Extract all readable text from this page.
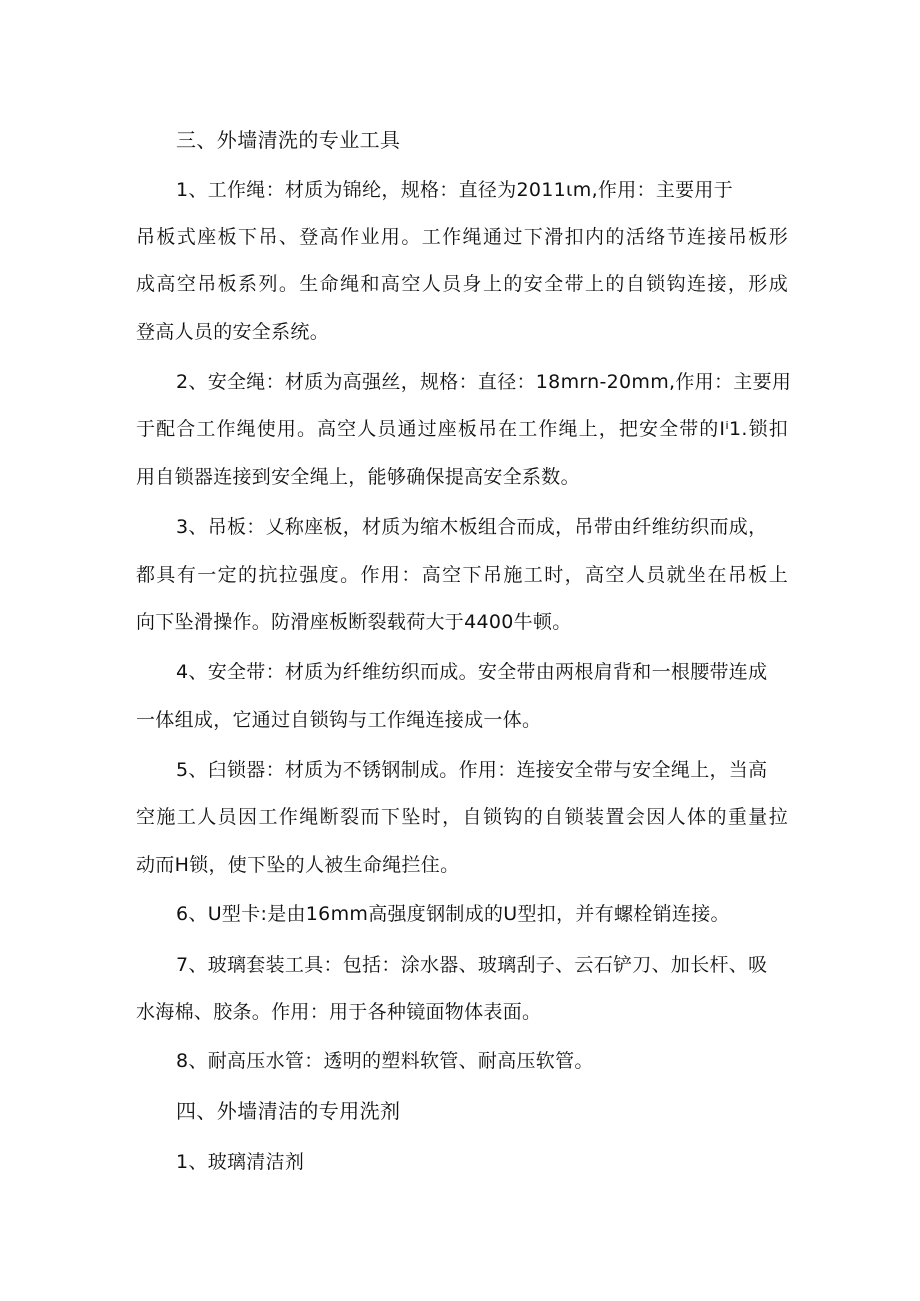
三、外墙清洗的专业工具

1、工作绳：材质为锦纶，规格：直径为2011ιm,作用：主要用于

吊板式座板下吊、登高作业用。工作绳通过下滑扣内的活络节连接吊板形

成高空吊板系列。生命绳和高空人员身上的安全带上的自锁钩连接，形成

登高人员的安全系统。

2、安全绳：材质为高强丝，规格：直径：18mrn-20mm,作用：主要用

于配合工作绳使用。高空人员通过座板吊在工作绳上，把安全带的Iⁱ1.锁扣

用自锁器连接到安全绳上，能够确保提高安全系数。

3、吊板：乂称座板，材质为缩木板组合而成，吊带由纤维纺织而成，

都具有一定的抗拉强度。作用：高空下吊施工时，高空人员就坐在吊板上

向下坠滑操作。防滑座板断裂载荷大于4400牛顿。

4、安全带：材质为纤维纺织而成。安全带由两根肩背和一根腰带连成

一体组成，它通过自锁钩与工作绳连接成一体。

5、臼锁器：材质为不锈钢制成。作用：连接安全带与安全绳上，当高

空施工人员因工作绳断裂而下坠时，自锁钩的自锁装置会因人体的重量拉

动而H锁，使下坠的人被生命绳拦住。

6、U型卡:是由16mm高强度钢制成的U型扣，并有螺栓销连接。

7、玻璃套装工具：包括：涂水器、玻璃刮子、云石铲刀、加长杆、吸

水海棉、胶条。作用：用于各种镜面物体表面。

8、耐高压水管：透明的塑料软管、耐高压软管。

四、外墙清洁的专用洗剂

1、玻璃清洁剂
